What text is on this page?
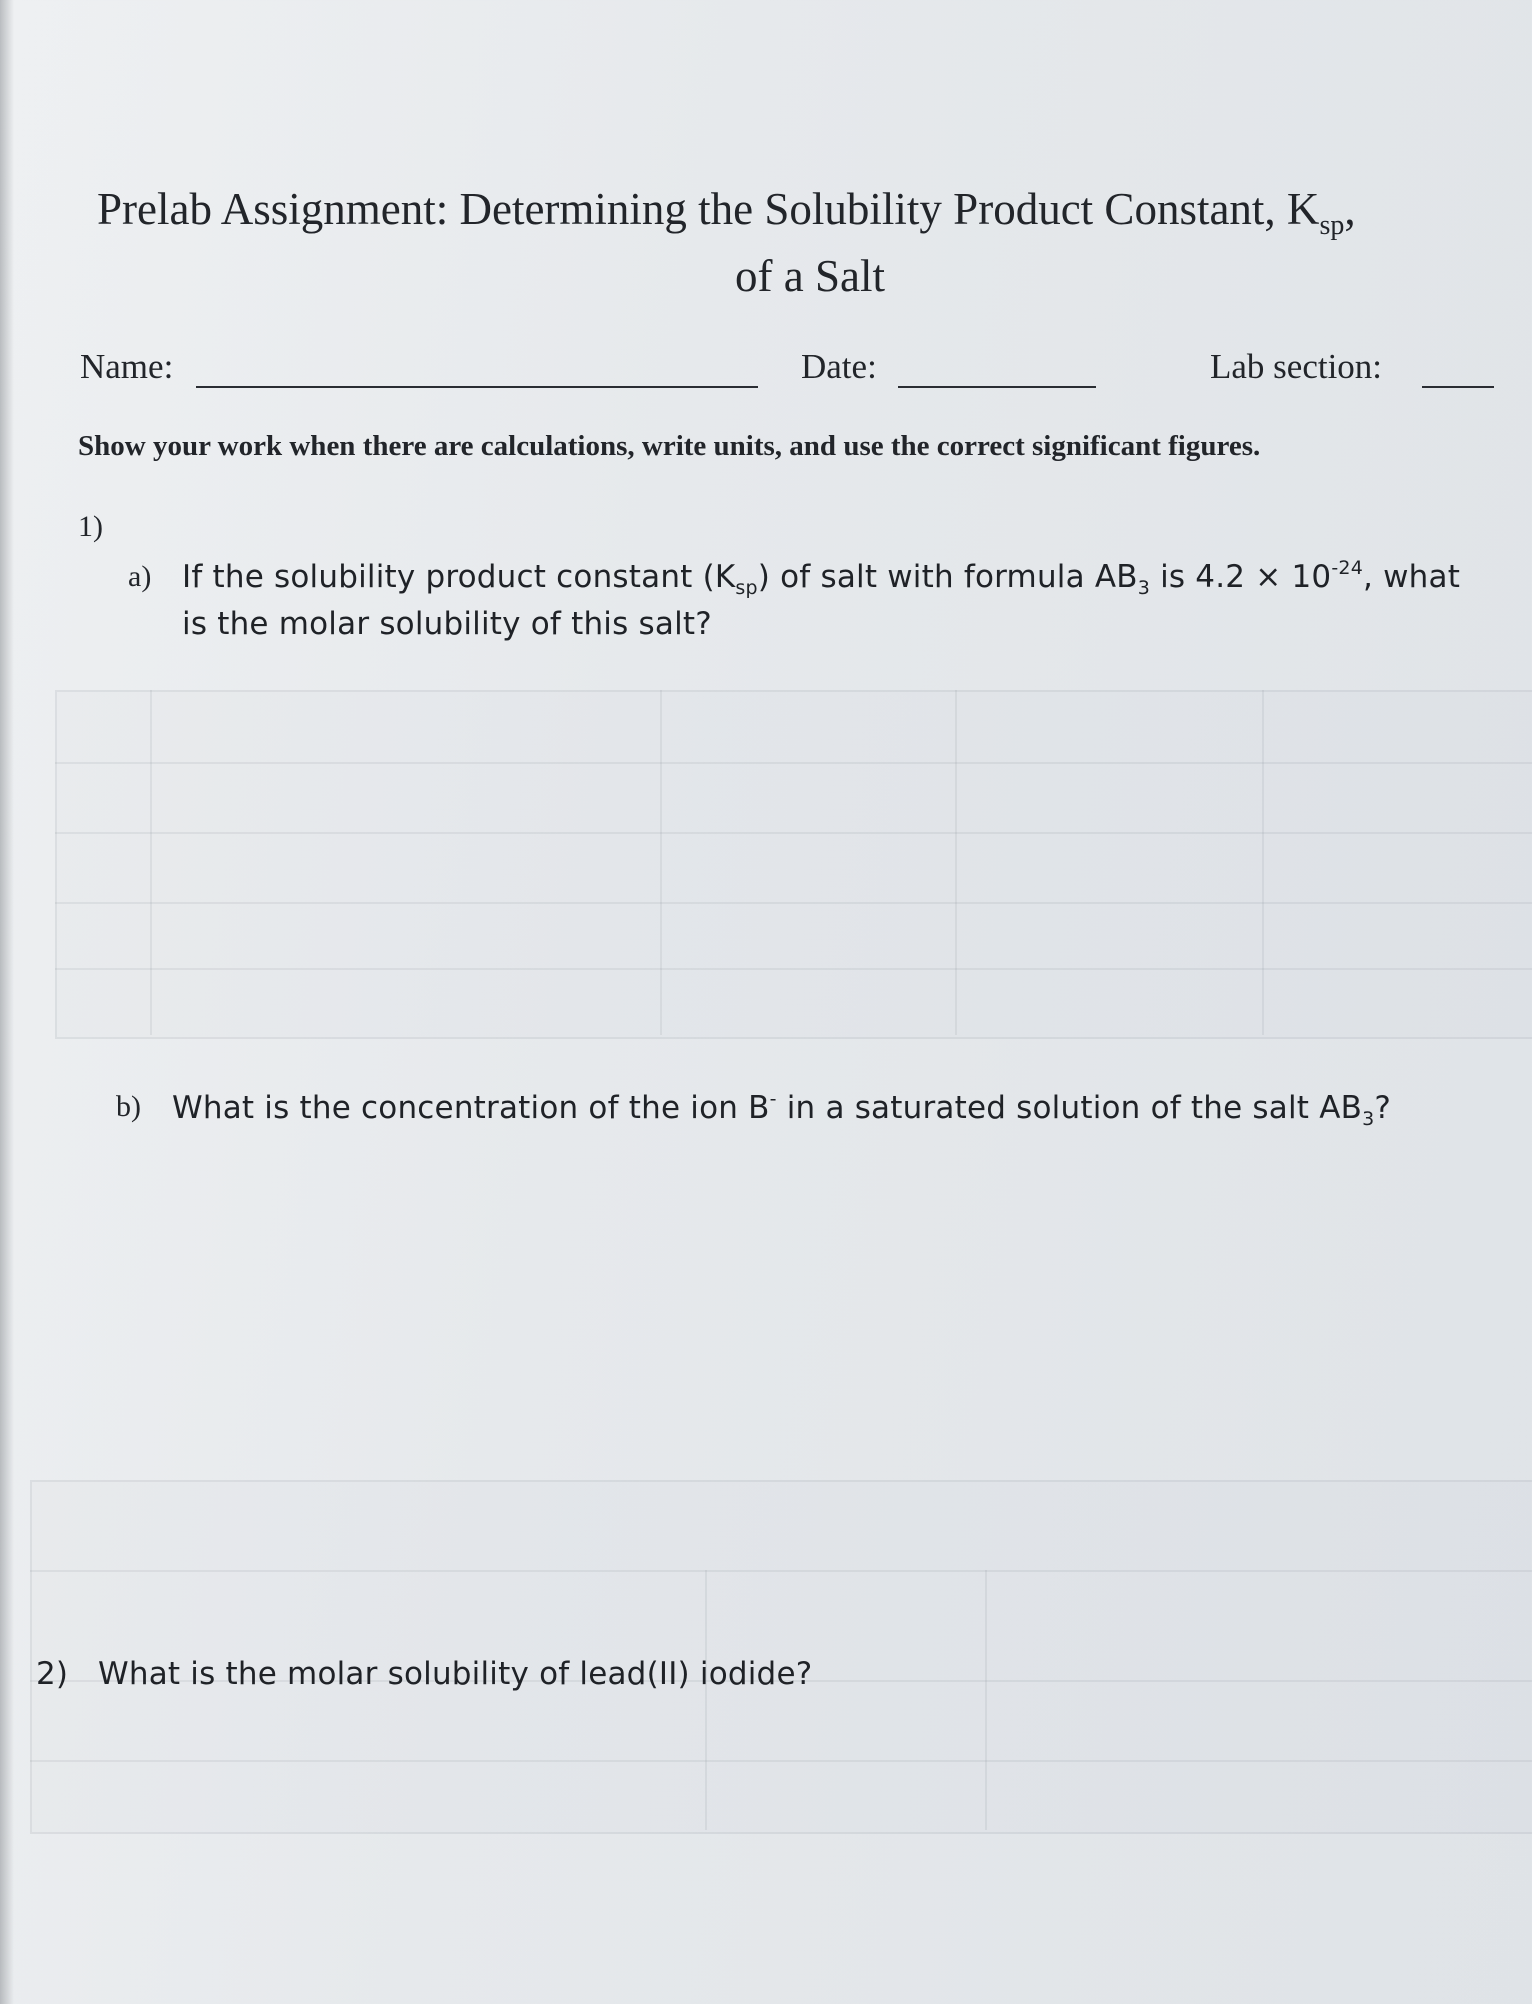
Prelab Assignment: Determining the Solubility Product Constant, $K_{sp}$,
of a Salt
Name:	Date:	Lab section:
Show your work when there are calculations, write units, and use the correct significant figures.
1)
a) If the solubility product constant $(K_{sp})$ of salt with formula $AB_3$ is $4.2 \times 10^{-24}$, what
is the molar solubility of this salt?
b) What is the concentration of the ion B- in a saturated solution of the salt $AB_3$?
2) What is the molar solubility of lead(II) iodide?
